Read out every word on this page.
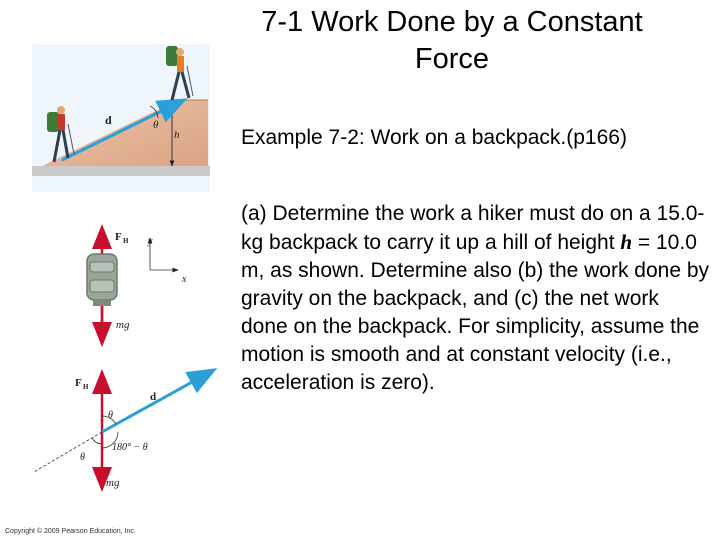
7-1 Work Done by a Constant Force
Example 7-2: Work on a backpack.(p166)
(a) Determine the work a hiker must do on a 15.0-kg backpack to carry it up a hill of height h = 10.0 m, as shown. Determine also (b) the work done by gravity on the backpack, and (c) the net work done on the backpack. For simplicity, assume the motion is smooth and at constant velocity (i.e., acceleration is zero).
Copyright © 2009 Pearson Education, Inc.
d	θ
h
F H y
x
mg
F H
d
θ
180° − θ
θ
mg
